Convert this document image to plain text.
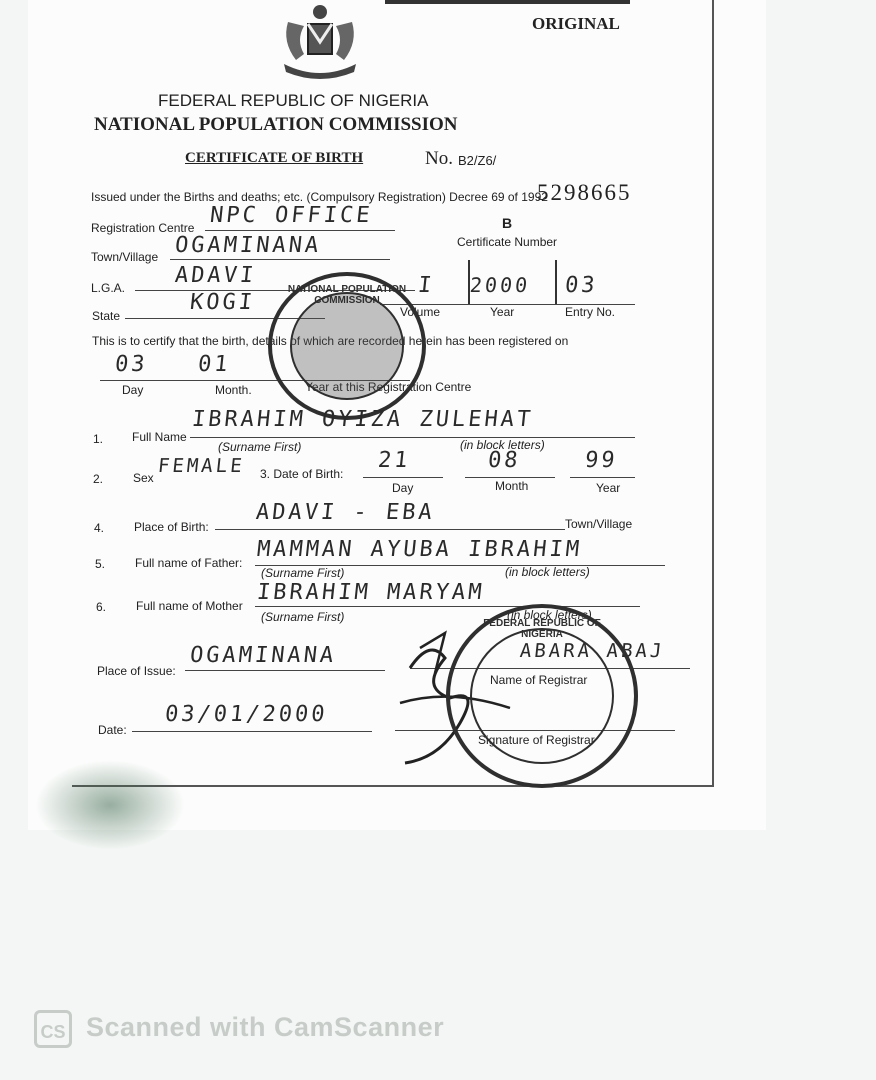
ORIGINAL
FEDERAL REPUBLIC OF NIGERIA
NATIONAL POPULATION COMMISSION
CERTIFICATE OF BIRTH	No. B2/Z6/
Issued under the Births and deaths; etc. (Compulsory Registration) Decree 69 of 1992
5298665
B
Certificate Number
Registration Centre NPC OFFICE
Town/Village OGAMINANA
L.G.A. ADAVI
State
KOGI
I 2000 03
Volume	Year	Entry No.
This is to certify that the birth, details of which are recorded herein has been registered on
03 01
Day	Month.	Year at this Registration Centre
NATIONAL POPULATION COMMISSION
1. Full Name
IBRAHIM OYIZA ZULEHAT
(Surname First)	(in block letters)
2. Sex
FEMALE 3. Date of Birth:
21	08	99
Day	Month	Year
4. Place of Birth:
ADAVI - EBA	Town/Village
5. Full name of Father:
MAMMAN AYUBA IBRAHIM
(Surname First)	(in block letters)
6. Full name of Mother
IBRAHIM MARYAM
(Surname First)	(in block letters)
Place of Issue:
OGAMINANA	ABARA ABAJ
Name of Registrar
Date:
03/01/2000
Signature of Registrar
FEDERAL REPUBLIC OF NIGERIA
CS Scanned with CamScanner
